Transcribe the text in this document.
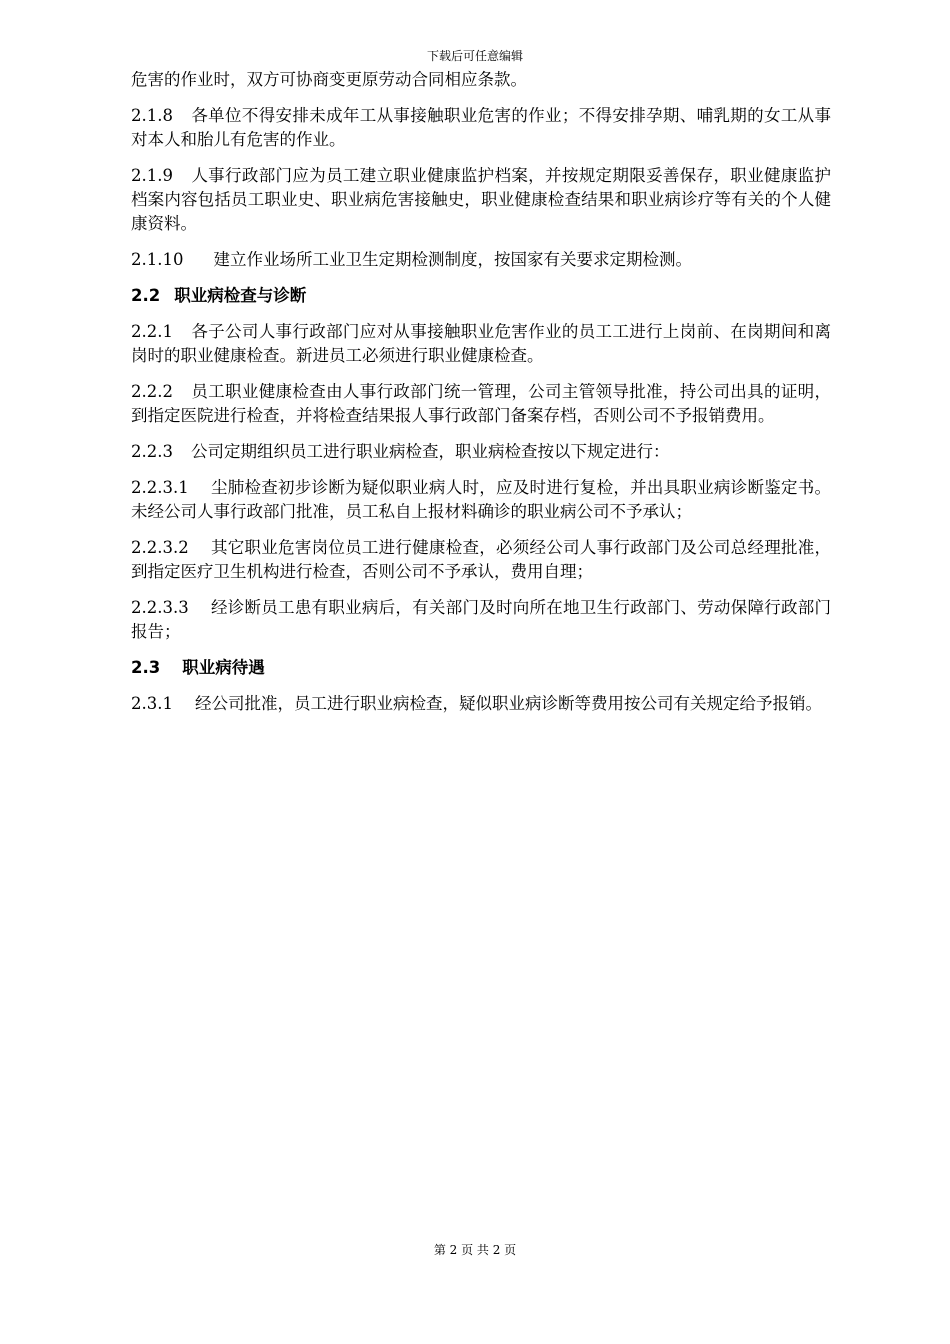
下载后可任意编辑

危害的作业时，双方可协商变更原劳动合同相应条款。

2.1.8 各单位不得安排未成年工从事接触职业危害的作业；不得安排孕期、哺乳期的女工从事对本人和胎儿有危害的作业。

2.1.9 人事行政部门应为员工建立职业健康监护档案，并按规定期限妥善保存，职业健康监护档案内容包括员工职业史、职业病危害接触史，职业健康检查结果和职业病诊疗等有关的个人健康资料。

2.1.10 建立作业场所工业卫生定期检测制度，按国家有关要求定期检测。

2.2 职业病检查与诊断

2.2.1 各子公司人事行政部门应对从事接触职业危害作业的员工工进行上岗前、在岗期间和离岗时的职业健康检查。新进员工必须进行职业健康检查。

2.2.2 员工职业健康检查由人事行政部门统一管理，公司主管领导批准，持公司出具的证明，到指定医院进行检查，并将检查结果报人事行政部门备案存档，否则公司不予报销费用。

2.2.3 公司定期组织员工进行职业病检查，职业病检查按以下规定进行：

2.2.3.1 尘肺检查初步诊断为疑似职业病人时，应及时进行复检，并出具职业病诊断鉴定书。未经公司人事行政部门批准，员工私自上报材料确诊的职业病公司不予承认；

2.2.3.2 其它职业危害岗位员工进行健康检查，必须经公司人事行政部门及公司总经理批准，到指定医疗卫生机构进行检查，否则公司不予承认，费用自理；

2.2.3.3 经诊断员工患有职业病后，有关部门及时向所在地卫生行政部门、劳动保障行政部门报告；

2.3 职业病待遇

2.3.1 经公司批准，员工进行职业病检查，疑似职业病诊断等费用按公司有关规定给予报销。

第 2 页 共 2 页
